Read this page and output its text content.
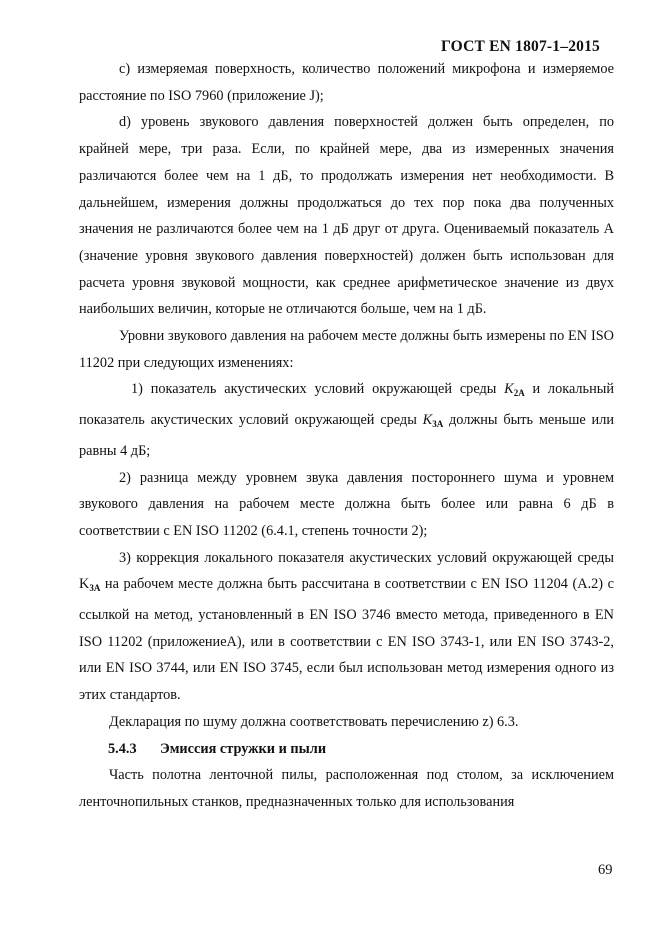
ГОСТ EN 1807-1–2015

c) измеряемая поверхность, количество положений микрофона и измеряемое расстояние по ISO 7960 (приложение J);

d) уровень звукового давления поверхностей должен быть определен, по крайней мере, три раза. Если, по крайней мере, два из измеренных значения различаются более чем на 1 дБ, то продолжать измерения нет необходимости. В дальнейшем, измерения должны продолжаться до тех пор пока два полученных значения не различаются более чем на 1 дБ друг от друга. Оцениваемый показатель A (значение уровня звукового давления поверхностей) должен быть использован для расчета уровня звуковой мощности, как среднее арифметическое значение из двух наибольших величин, которые не отличаются больше, чем на 1 дБ.

Уровни звукового давления на рабочем месте должны быть измерены по EN ISO 11202 при следующих изменениях:

1) показатель акустических условий окружающей среды $K_{2A}$ и локальный показатель акустических условий окружающей среды $K_{3A}$ должны быть меньше или равны 4 дБ;

2) разница между уровнем звука давления постороннего шума и уровнем звукового давления на рабочем месте должна быть более или равна 6 дБ в соответствии с EN ISO 11202 (6.4.1, степень точности 2);

3) коррекция локального показателя акустических условий окружающей среды $K_{3A}$ на рабочем месте должна быть рассчитана в соответствии с EN ISO 11204 (A.2) с ссылкой на метод, установленный в EN ISO 3746 вместо метода, приведенного в EN ISO 11202 (приложениеA), или в соответствии с EN ISO 3743-1, или EN ISO 3743-2, или EN ISO 3744, или EN ISO 3745, если был использован метод измерения одного из этих стандартов.

Декларация по шуму должна соответствовать перечислению z) 6.3.

5.4.3 Эмиссия стружки и пыли

Часть полотна ленточной пилы, расположенная под столом, за исключением ленточнопильных станков, предназначенных только для использования

69
